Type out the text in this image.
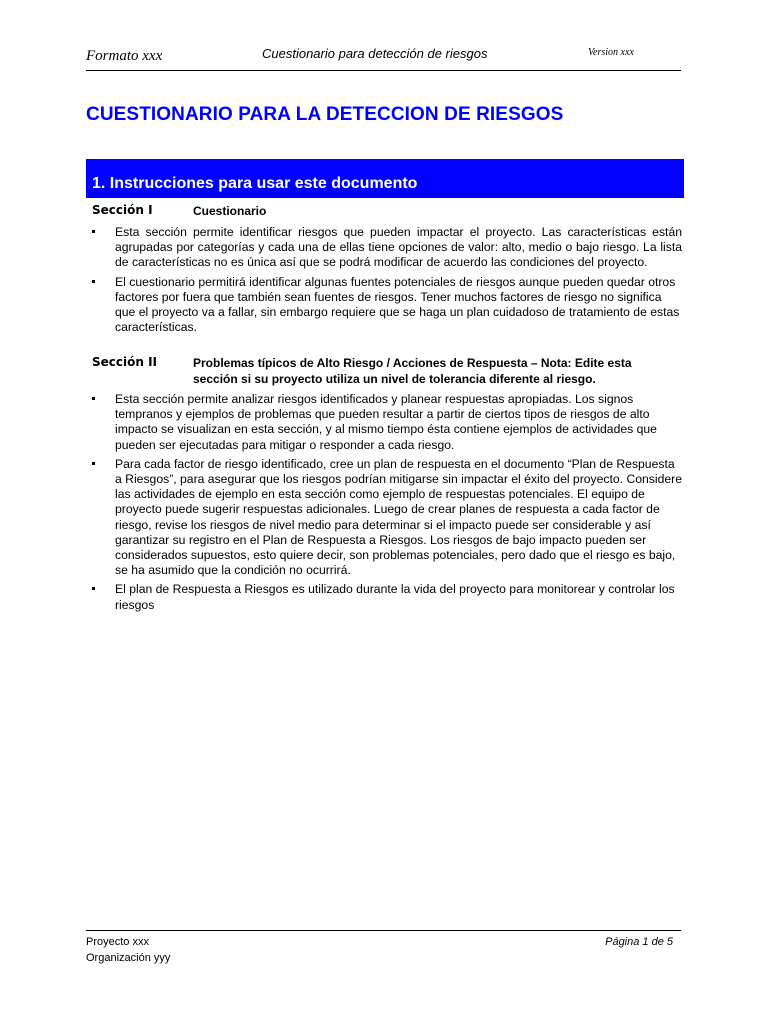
Formato xxx	Cuestionario para detección de riesgos	Version xxx
CUESTIONARIO PARA LA DETECCION DE RIESGOS
1. Instrucciones para usar este documento
Sección I	Cuestionario
Esta sección permite identificar riesgos que pueden impactar el proyecto. Las características están agrupadas por categorías y cada una de ellas tiene opciones de valor: alto, medio o bajo riesgo. La lista de características no es única así que se podrá modificar de acuerdo las condiciones del proyecto.
El cuestionario permitirá identificar algunas fuentes potenciales de riesgos aunque pueden quedar otros factores por fuera que también sean fuentes de riesgos. Tener muchos factores de riesgo no significa que el proyecto va a fallar, sin embargo requiere que se haga un plan cuidadoso de tratamiento de estas características.
Sección II	Problemas típicos de Alto Riesgo / Acciones de Respuesta – Nota: Edite esta sección si su proyecto utiliza un nivel de tolerancia diferente al riesgo.
Esta sección permite analizar riesgos identificados y planear respuestas apropiadas. Los signos tempranos y ejemplos de problemas que pueden resultar a partir de ciertos tipos de riesgos de alto impacto se visualizan en esta sección, y al mismo tiempo ésta contiene ejemplos de actividades que pueden ser ejecutadas para mitigar o responder a cada riesgo.
Para cada factor de riesgo identificado, cree un plan de respuesta en el documento “Plan de Respuesta a Riesgos”, para asegurar que los riesgos podrían mitigarse sin impactar el éxito del proyecto. Considere las actividades de ejemplo en esta sección como ejemplo de respuestas potenciales. El equipo de proyecto puede sugerir respuestas adicionales. Luego de crear planes de respuesta a cada factor de riesgo, revise los riesgos de nivel medio para determinar si el impacto puede ser considerable y así garantizar su registro en el Plan de Respuesta a Riesgos. Los riesgos de bajo impacto pueden ser considerados supuestos, esto quiere decir, son problemas potenciales, pero dado que el riesgo es bajo, se ha asumido que la condición no ocurrirá.
El plan de Respuesta a Riesgos es utilizado durante la vida del proyecto para monitorear y controlar los riesgos
Proyecto xxx
Organización yyy
Página 1 de 5
